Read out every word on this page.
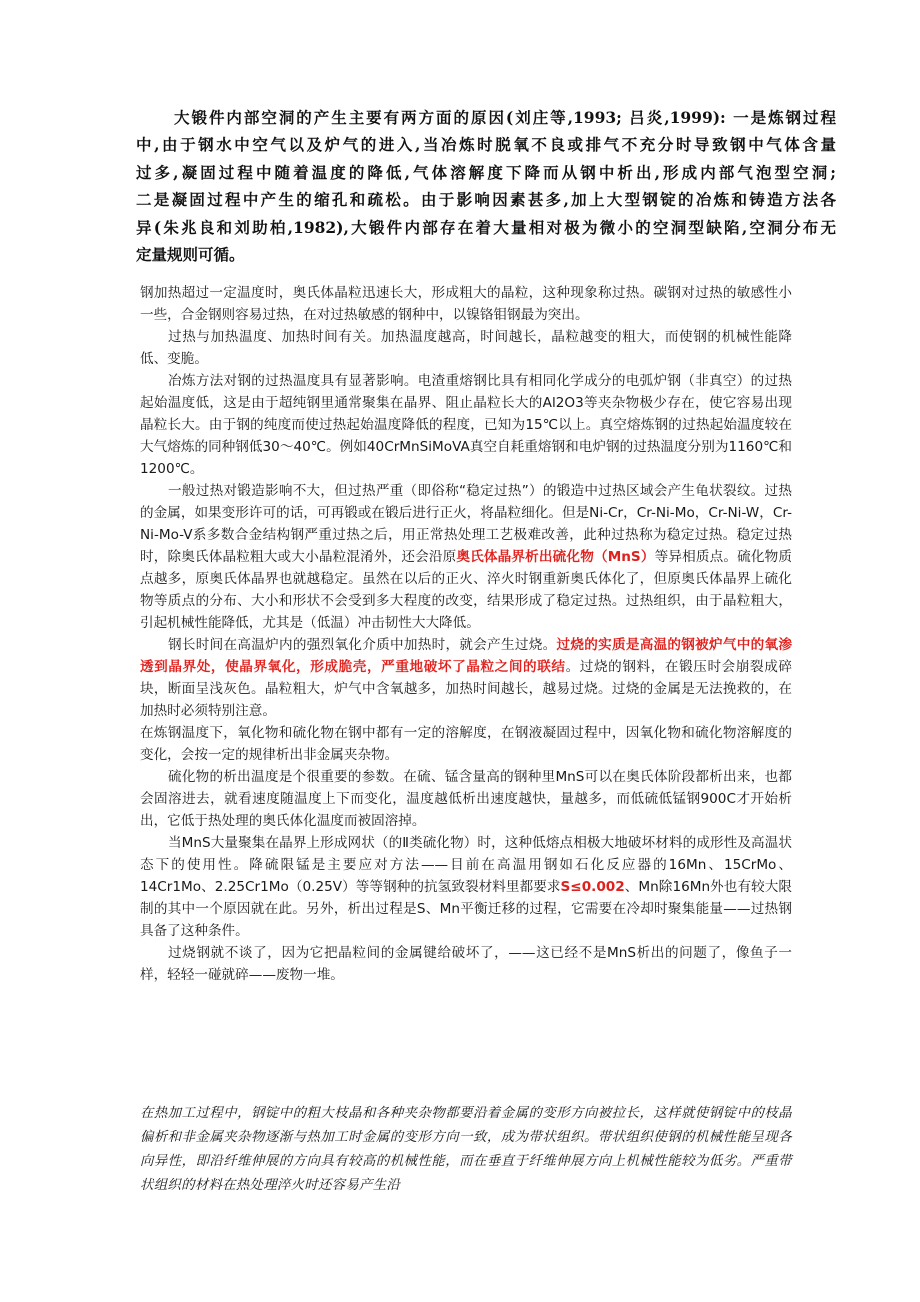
大锻件内部空洞的产生主要有两方面的原因(刘庄等,1993; 吕炎,1999): 一是炼钢过程

中,由于钢水中空气以及炉气的进入,当冶炼时脱氧不良或排气不充分时导致钢中气体含量

过多,凝固过程中随着温度的降低,气体溶解度下降而从钢中析出,形成内部气泡型空洞;

二是凝固过程中产生的缩孔和疏松。由于影响因素甚多,加上大型钢锭的冶炼和铸造方法各

异(朱兆良和刘助柏,1982),大锻件内部存在着大量相对极为微小的空洞型缺陷,空洞分布无

定量规则可循。

钢加热超过一定温度时，奥氏体晶粒迅速长大，形成粗大的晶粒，这种现象称过热。碳钢对过热的敏感性小一些，合金钢则容易过热，在对过热敏感的钢种中，以镍铬钼钢最为突出。

过热与加热温度、加热时间有关。加热温度越高，时间越长，晶粒越变的粗大，而使钢的机械性能降低、变脆。

冶炼方法对钢的过热温度具有显著影响。电渣重熔钢比具有相同化学成分的电弧炉钢（非真空）的过热起始温度低，这是由于超纯钢里通常聚集在晶界、阻止晶粒长大的Al2O3等夹杂物极少存在，使它容易出现晶粒长大。由于钢的纯度而使过热起始温度降低的程度，已知为15℃以上。真空熔炼钢的过热起始温度较在大气熔炼的同种钢低30～40℃。例如40CrMnSiMoVA真空自耗重熔钢和电炉钢的过热温度分别为1160℃和1200℃。

一般过热对锻造影响不大，但过热严重（即俗称“稳定过热”）的锻造中过热区域会产生龟状裂纹。过热的金属，如果变形许可的话，可再锻或在锻后进行正火，将晶粒细化。但是Ni-Cr，Cr-Ni-Mo，Cr-Ni-W，Cr-Ni-Mo-V系多数合金结构钢严重过热之后，用正常热处理工艺极难改善，此种过热称为稳定过热。稳定过热时，除奥氏体晶粒粗大或大小晶粒混淆外，还会沿原奥氏体晶界析出硫化物（MnS）等异相质点。硫化物质点越多，原奥氏体晶界也就越稳定。虽然在以后的正火、淬火时钢重新奥氏体化了，但原奥氏体晶界上硫化物等质点的分布、大小和形状不会受到多大程度的改变，结果形成了稳定过热。过热组织，由于晶粒粗大，引起机械性能降低，尤其是（低温）冲击韧性大大降低。

钢长时间在高温炉内的强烈氧化介质中加热时，就会产生过烧。过烧的实质是高温的钢被炉气中的氧渗透到晶界处，使晶界氧化，形成脆壳，严重地破坏了晶粒之间的联结。过烧的钢料，在锻压时会崩裂成碎块，断面呈浅灰色。晶粒粗大，炉气中含氧越多，加热时间越长，越易过烧。过烧的金属是无法挽救的，在加热时必须特别注意。

在炼钢温度下，氧化物和硫化物在钢中都有一定的溶解度，在钢液凝固过程中，因氧化物和硫化物溶解度的变化，会按一定的规律析出非金属夹杂物。

硫化物的析出温度是个很重要的参数。在硫、锰含量高的钢种里MnS可以在奥氏体阶段都析出来，也都会固溶进去，就看速度随温度上下而变化，温度越低析出速度越快，量越多，而低硫低锰钢900C才开始析出，它低于热处理的奥氏体化温度而被固溶掉。

当MnS大量聚集在晶界上形成网状（的Ⅱ类硫化物）时，这种低熔点相极大地破坏材料的成形性及高温状态下的使用性。降硫限锰是主要应对方法——目前在高温用钢如石化反应器的16Mn、15CrMo、14Cr1Mo、2.25Cr1Mo（0.25V）等等钢种的抗氢致裂材料里都要求S≤0.002、Mn除16Mn外也有较大限制的其中一个原因就在此。另外，析出过程是S、Mn平衡迁移的过程，它需要在冷却时聚集能量——过热钢具备了这种条件。

过烧钢就不谈了，因为它把晶粒间的金属键给破坏了，——这已经不是MnS析出的问题了，像鱼子一样，轻轻一碰就碎——废物一堆。

在热加工过程中，钢锭中的粗大枝晶和各种夹杂物都要沿着金属的变形方向被拉长，这样就使钢锭中的枝晶偏析和非金属夹杂物逐渐与热加工时金属的变形方向一致，成为带状组织。带状组织使钢的机械性能呈现各向异性，即沿纤维伸展的方向具有较高的机械性能，而在垂直于纤维伸展方向上机械性能较为低劣。严重带状组织的材料在热处理淬火时还容易产生沿
